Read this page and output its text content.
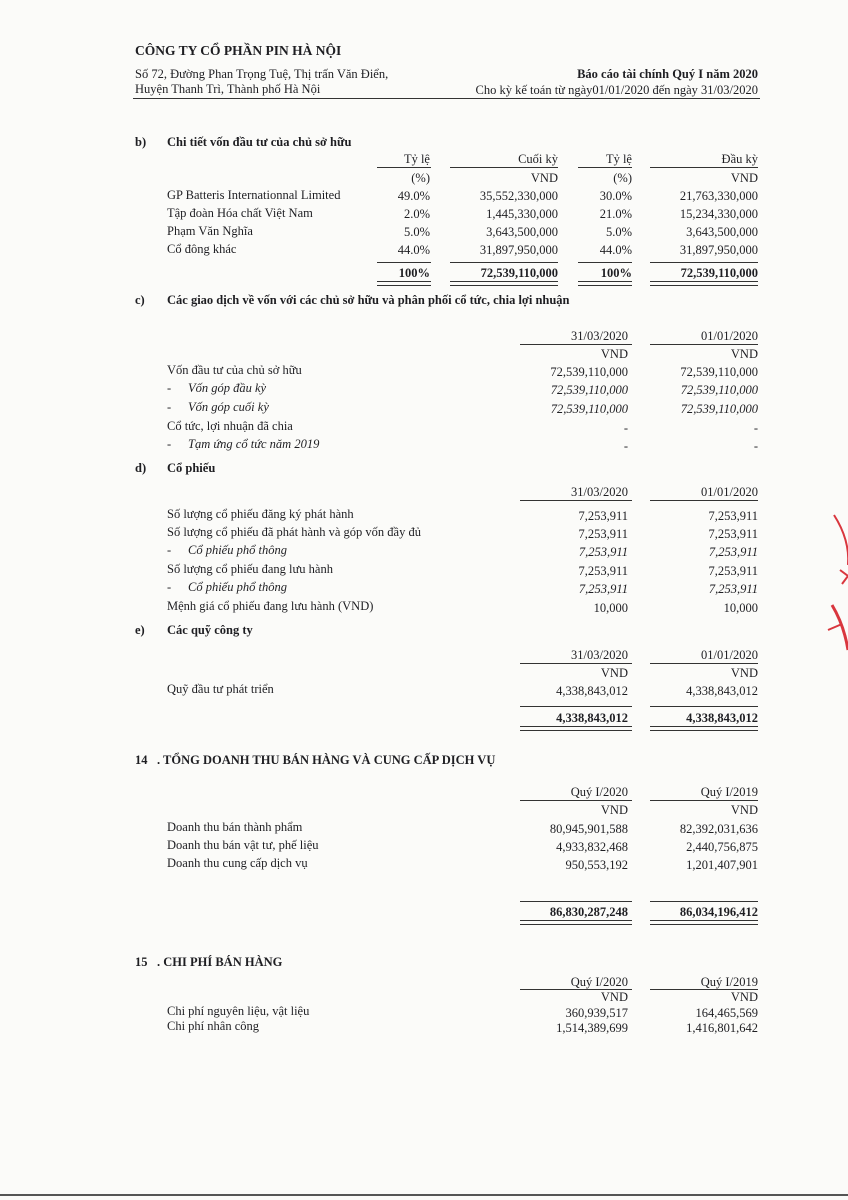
CÔNG TY CỔ PHẦN PIN HÀ NỘI
Số 72, Đường Phan Trọng Tuệ, Thị trấn Văn Điển,
Huyện Thanh Trì, Thành phố Hà Nội
Báo cáo tài chính Quý I năm 2020
Cho kỳ kế toán từ ngày01/01/2020 đến ngày 31/03/2020
b) Chi tiết vốn đầu tư của chủ sở hữu
Tỷ lệ	Cuối kỳ	Tỷ lệ	Đầu kỳ
(%)	VND	(%)	VND
GP Batteris Internationnal Limited	49.0%	35,552,330,000	30.0%	21,763,330,000
Tập đoàn Hóa chất Việt Nam	2.0%	1,445,330,000	21.0%	15,234,330,000
Phạm Văn Nghĩa	5.0%	3,643,500,000	5.0%	3,643,500,000
Cổ đông khác	44.0%	31,897,950,000	44.0%	31,897,950,000
100%	72,539,110,000	100%	72,539,110,000
c) Các giao dịch về vốn với các chủ sở hữu và phân phối cổ tức, chia lợi nhuận
31/03/2020	01/01/2020
VND	VND
Vốn đầu tư của chủ sở hữu	72,539,110,000	72,539,110,000
- Vốn góp đầu kỳ	72,539,110,000	72,539,110,000
- Vốn góp cuối kỳ	72,539,110,000	72,539,110,000
Cổ tức, lợi nhuận đã chia	-	-
- Tạm ứng cổ tức năm 2019	-	-
d) Cổ phiếu
31/03/2020	01/01/2020
Số lượng cổ phiếu đăng ký phát hành	7,253,911	7,253,911
Số lượng cổ phiếu đã phát hành và góp vốn đầy đủ	7,253,911	7,253,911
- Cổ phiếu phổ thông	7,253,911	7,253,911
Số lượng cổ phiếu đang lưu hành	7,253,911	7,253,911
- Cổ phiếu phổ thông	7,253,911	7,253,911
Mệnh giá cổ phiếu đang lưu hành (VND)	10,000	10,000
e) Các quỹ công ty
31/03/2020	01/01/2020
VND	VND
Quỹ đầu tư phát triển	4,338,843,012	4,338,843,012
4,338,843,012	4,338,843,012
14 . TỔNG DOANH THU BÁN HÀNG VÀ CUNG CẤP DỊCH VỤ
Quý I/2020	Quý I/2019
VND	VND
Doanh thu bán thành phẩm	80,945,901,588	82,392,031,636
Doanh thu bán vật tư, phế liệu	4,933,832,468	2,440,756,875
Doanh thu cung cấp dịch vụ	950,553,192	1,201,407,901
86,830,287,248	86,034,196,412
15 . CHI PHÍ BÁN HÀNG
Quý I/2020	Quý I/2019
VND	VND
Chi phí nguyên liệu, vật liệu	360,939,517	164,465,569
Chi phí nhân công	1,514,389,699	1,416,801,642
